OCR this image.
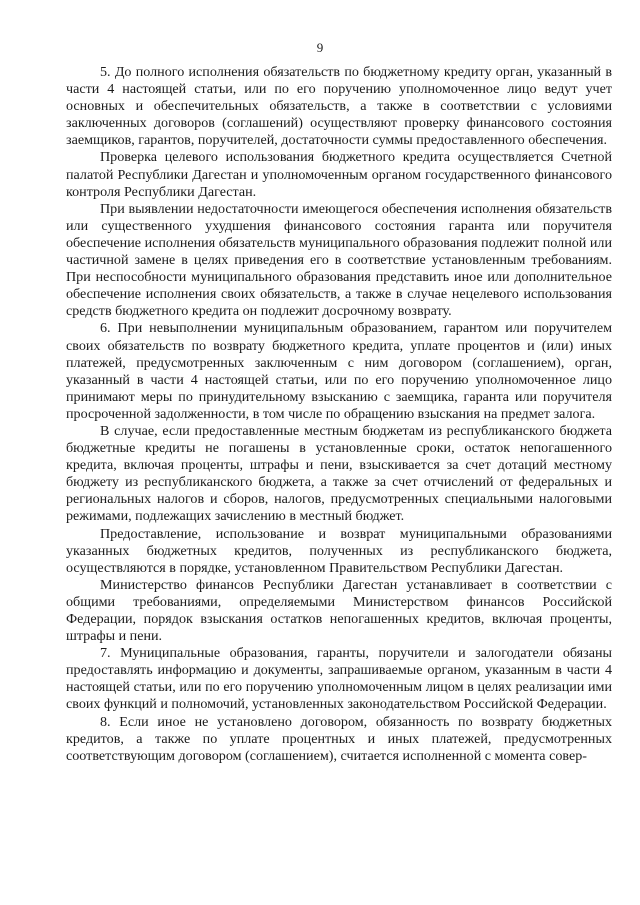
9

5. До полного исполнения обязательств по бюджетному кредиту орган, указанный в части 4 настоящей статьи, или по его поручению уполномоченное лицо ведут учет основных и обеспечительных обязательств, а также в соответствии с условиями заключенных договоров (соглашений) осуществляют проверку финансового состояния заемщиков, гарантов, поручителей, достаточности суммы предоставленного обеспечения.

Проверка целевого использования бюджетного кредита осуществляется Счетной палатой Республики Дагестан и уполномоченным органом государственного финансового контроля Республики Дагестан.

При выявлении недостаточности имеющегося обеспечения исполнения обязательств или существенного ухудшения финансового состояния гаранта или поручителя обеспечение исполнения обязательств муниципального образования подлежит полной или частичной замене в целях приведения его в соответствие установленным требованиям. При неспособности муниципального образования представить иное или дополнительное обеспечение исполнения своих обязательств, а также в случае нецелевого использования средств бюджетного кредита он подлежит досрочному возврату.

6. При невыполнении муниципальным образованием, гарантом или поручителем своих обязательств по возврату бюджетного кредита, уплате процентов и (или) иных платежей, предусмотренных заключенным с ним договором (соглашением), орган, указанный в части 4 настоящей статьи, или по его поручению уполномоченное лицо принимают меры по принудительному взысканию с заемщика, гаранта или поручителя просроченной задолженности, в том числе по обращению взыскания на предмет залога.

В случае, если предоставленные местным бюджетам из республиканского бюджета бюджетные кредиты не погашены в установленные сроки, остаток непогашенного кредита, включая проценты, штрафы и пени, взыскивается за счет дотаций местному бюджету из республиканского бюджета, а также за счет отчислений от федеральных и региональных налогов и сборов, налогов, предусмотренных специальными налоговыми режимами, подлежащих зачислению в местный бюджет.

Предоставление, использование и возврат муниципальными образованиями указанных бюджетных кредитов, полученных из республиканского бюджета, осуществляются в порядке, установленном Правительством Республики Дагестан.

Министерство финансов Республики Дагестан устанавливает в соответствии с общими требованиями, определяемыми Министерством финансов Российской Федерации, порядок взыскания остатков непогашенных кредитов, включая проценты, штрафы и пени.

7. Муниципальные образования, гаранты, поручители и залогодатели обязаны предоставлять информацию и документы, запрашиваемые органом, указанным в части 4 настоящей статьи, или по его поручению уполномоченным лицом в целях реализации ими своих функций и полномочий, установленных законодательством Российской Федерации.

8. Если иное не установлено договором, обязанность по возврату бюджетных кредитов, а также по уплате процентных и иных платежей, предусмотренных соответствующим договором (соглашением), считается исполненной с момента совер-
